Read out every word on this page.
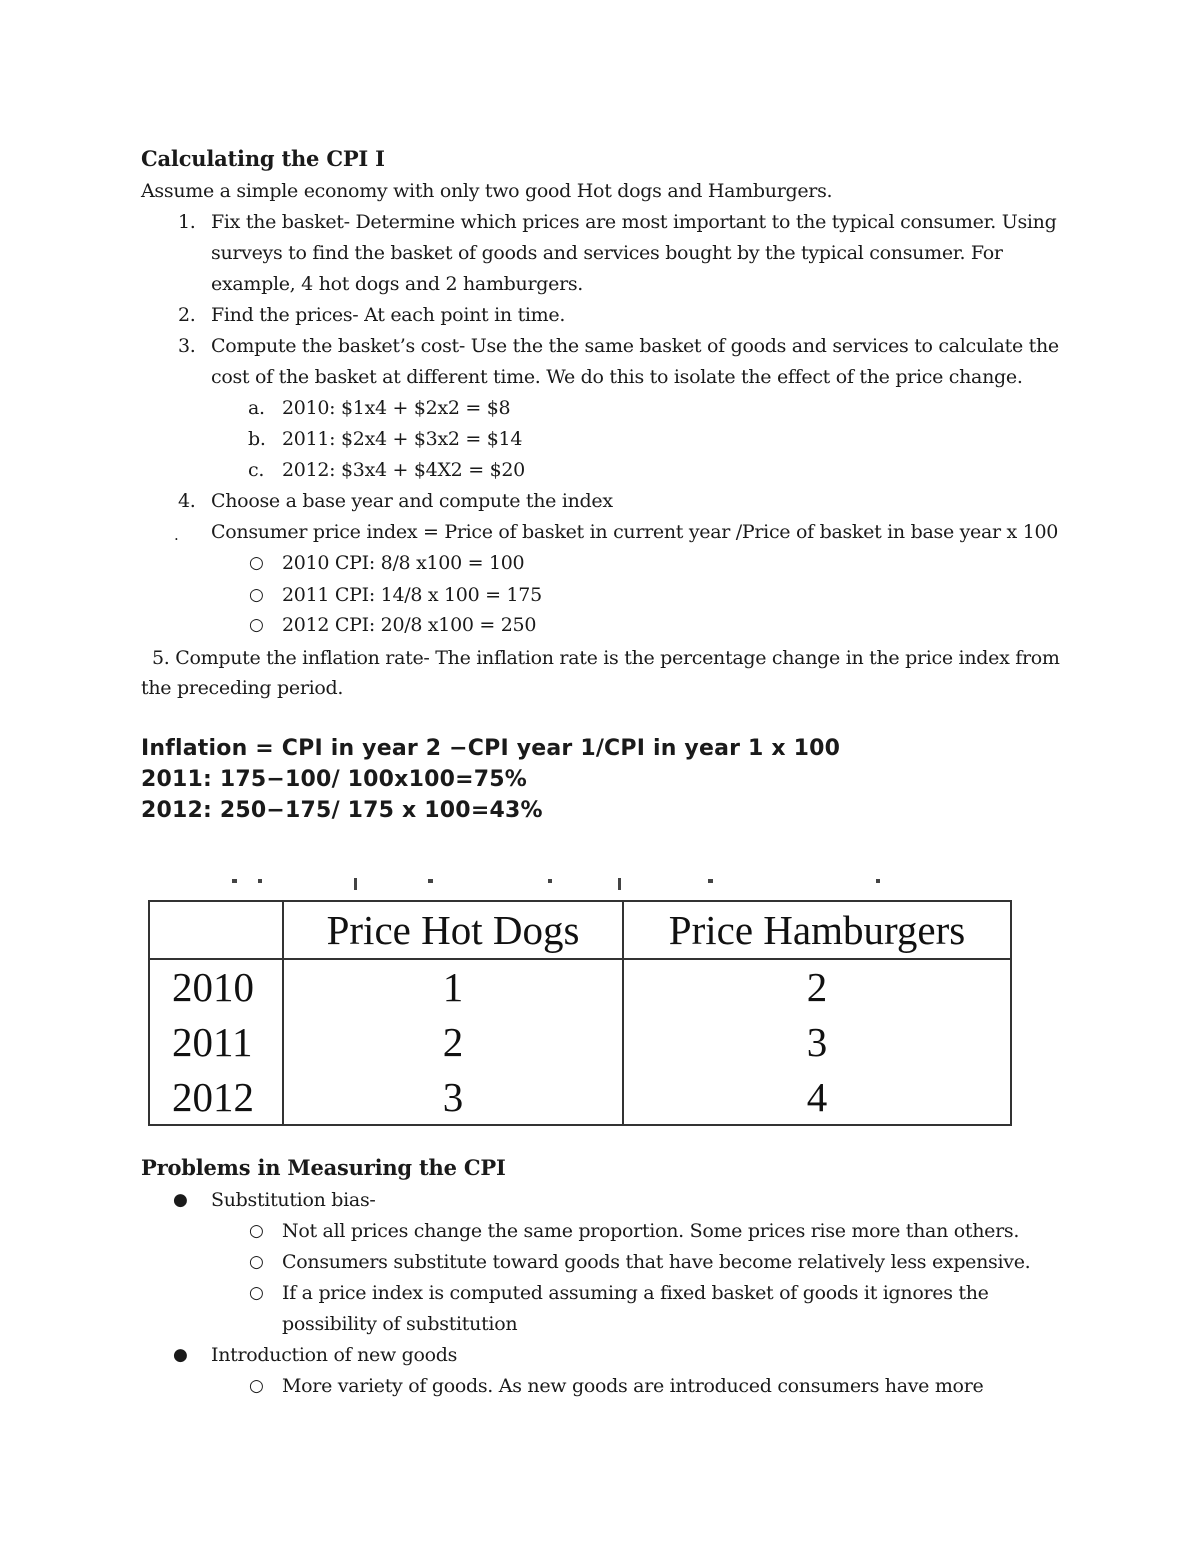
Calculating the CPI I
Assume a simple economy with only two good Hot dogs and Hamburgers.
1. Fix the basket- Determine which prices are most important to the typical consumer. Using
surveys to find the basket of goods and services bought by the typical consumer. For
example, 4 hot dogs and 2 hamburgers.
2. Find the prices- At each point in time.
3. Compute the basket’s cost- Use the the same basket of goods and services to calculate the
cost of the basket at different time. We do this to isolate the effect of the price change.
a. 2010: $1x4 + $2x2 = $8
b. 2011: $2x4 + $3x2 = $14
c. 2012: $3x4 + $4X2 = $20
4. Choose a base year and compute the index
. Consumer price index = Price of basket in current year /Price of basket in base year x 100
○ 2010 CPI: 8/8 x100 = 100
○ 2011 CPI: 14/8 x 100 = 175
○ 2012 CPI: 20/8 x100 = 250
5. Compute the inflation rate- The inflation rate is the percentage change in the price index from
the preceding period.
Inflation = CPI in year 2 −CPI year 1/CPI in year 1 x 100
2011: 175−100/ 100x100=75%
2012: 250−175/ 175 x 100=43%
	Price Hot Dogs	Price Hamburgers
2010	1	2
2011	2	3
2012	3	4
Problems in Measuring the CPI
● Substitution bias-
○ Not all prices change the same proportion. Some prices rise more than others.
○ Consumers substitute toward goods that have become relatively less expensive.
○ If a price index is computed assuming a fixed basket of goods it ignores the
possibility of substitution
● Introduction of new goods
○ More variety of goods. As new goods are introduced consumers have more
